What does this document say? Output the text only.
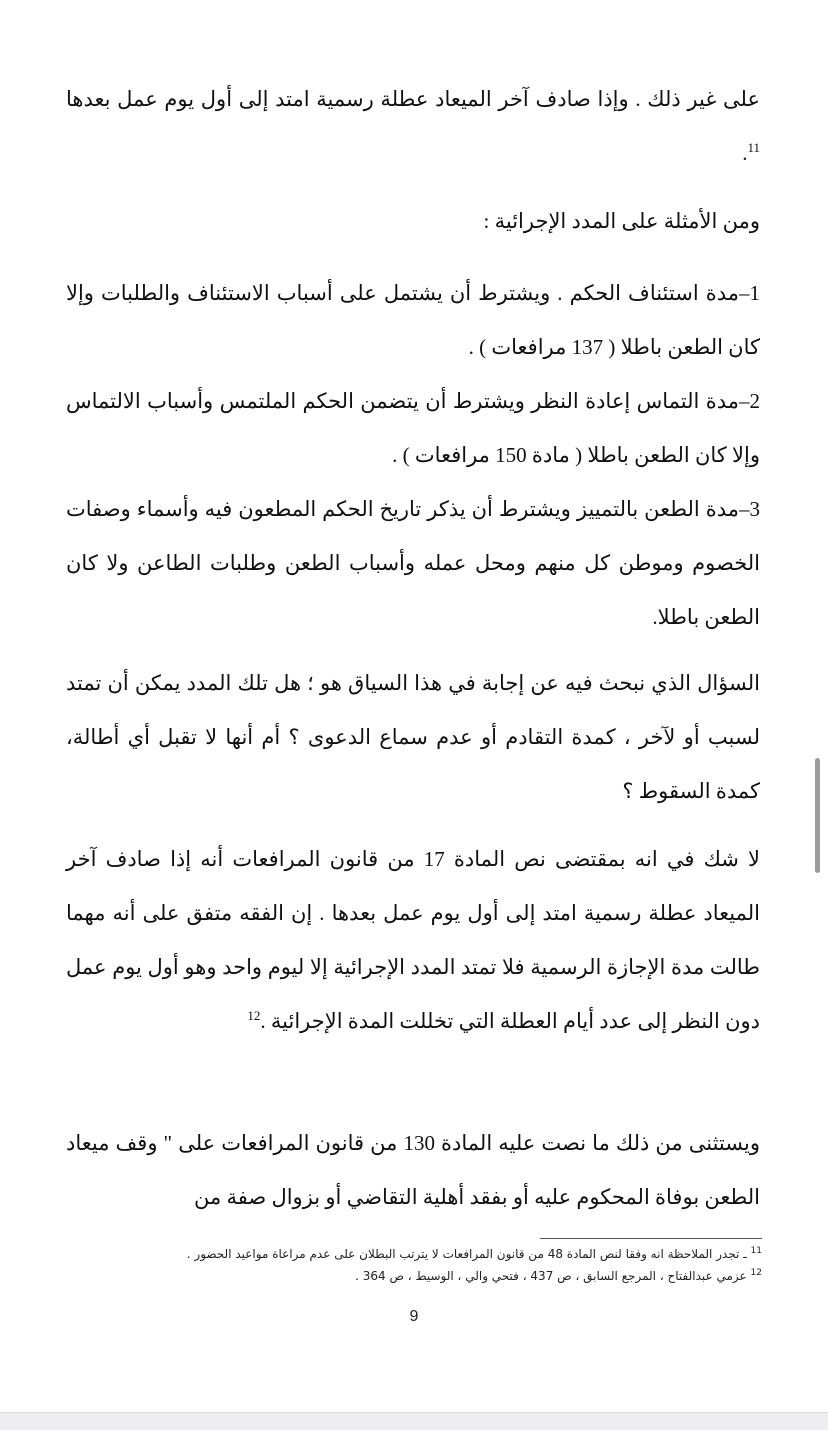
على غير ذلك . وإذا صادف آخر الميعاد عطلة رسمية امتد إلى أول يوم عمل بعدها $^{11}$.

ومن الأمثلة على المدد الإجرائية :

1–مدة استئناف الحكم . ويشترط أن يشتمل على أسباب الاستئناف والطلبات وإلا كان الطعن باطلا ( 137 مرافعات ) .
2–مدة التماس إعادة النظر ويشترط أن يتضمن الحكم الملتمس وأسباب الالتماس وإلا كان الطعن باطلا ( مادة 150 مرافعات ) .
3–مدة الطعن بالتمييز ويشترط أن يذكر تاريخ الحكم المطعون فيه وأسماء وصفات الخصوم وموطن كل منهم ومحل عمله وأسباب الطعن وطلبات الطاعن ولا كان الطعن باطلا.

السؤال الذي نبحث فيه عن إجابة في هذا السياق هو ؛ هل تلك المدد يمكن أن تمتد لسبب أو لآخر ، كمدة التقادم أو عدم سماع الدعوى ؟ أم أنها لا تقبل أي أطالة، كمدة السقوط ؟

لا شك في انه بمقتضى نص المادة 17 من قانون المرافعات أنه إذا صادف آخر الميعاد عطلة رسمية امتد إلى أول يوم عمل بعدها . إن الفقه متفق على أنه مهما طالت مدة الإجازة الرسمية فلا تمتد المدد الإجرائية إلا ليوم واحد وهو أول يوم عمل دون النظر إلى عدد أيام العطلة التي تخللت المدة الإجرائية .$^{12}$

ويستثنى من ذلك ما نصت عليه المادة 130 من قانون المرافعات على " وقف ميعاد الطعن بوفاة المحكوم عليه أو بفقد أهلية التقاضي أو بزوال صفة من

$^{11}$ ـ تجدر الملاحظة انه وفقا لنص المادة 48 من قانون المرافعات لا يترتب البطلان على عدم مراعاة مواعيد الحضور .

$^{12}$ عزمي عبدالفتاح ، المرجع السابق ، ص 437 ، فتحي والي ، الوسيط ، ص 364 .

9
